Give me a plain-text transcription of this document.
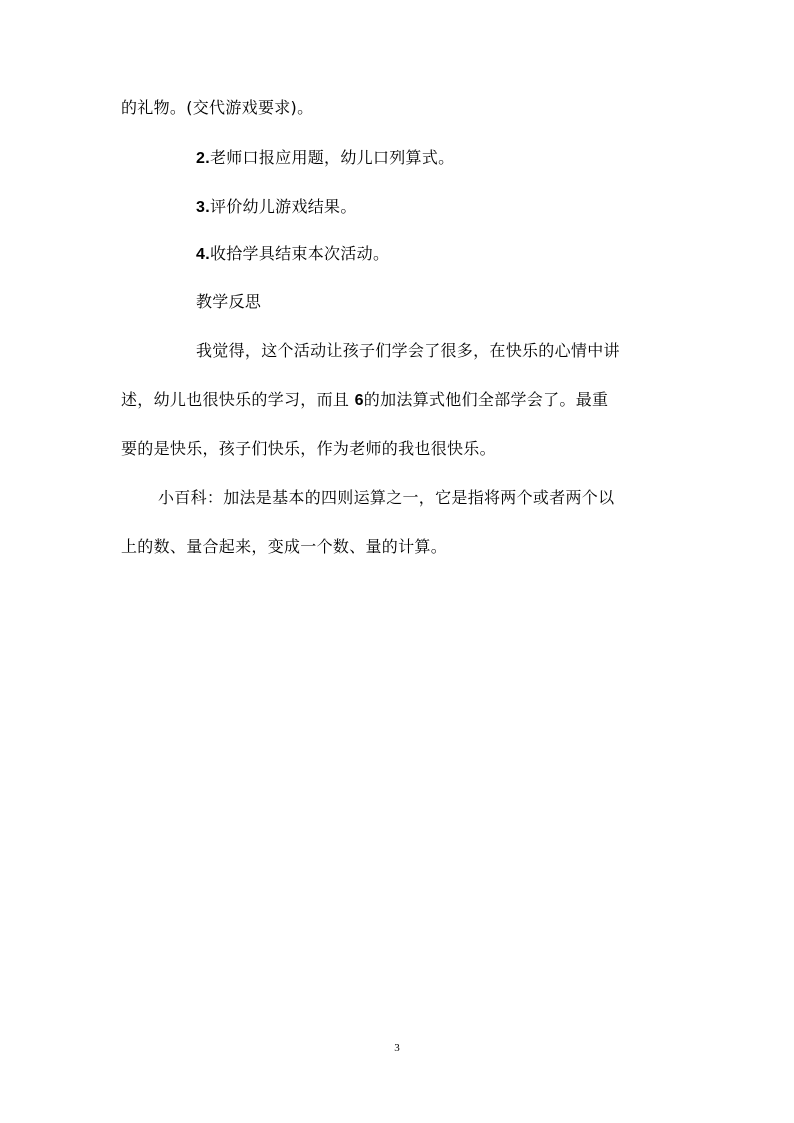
的礼物。(交代游戏要求)。
2.老师口报应用题，幼儿口列算式。
3.评价幼儿游戏结果。
4.收拾学具结束本次活动。
教学反思
我觉得，这个活动让孩子们学会了很多，在快乐的心情中讲
述，幼儿也很快乐的学习，而且 6的加法算式他们全部学会了。最重
要的是快乐，孩子们快乐，作为老师的我也很快乐。
小百科：加法是基本的四则运算之一，它是指将两个或者两个以
上的数、量合起来，变成一个数、量的计算。
3
